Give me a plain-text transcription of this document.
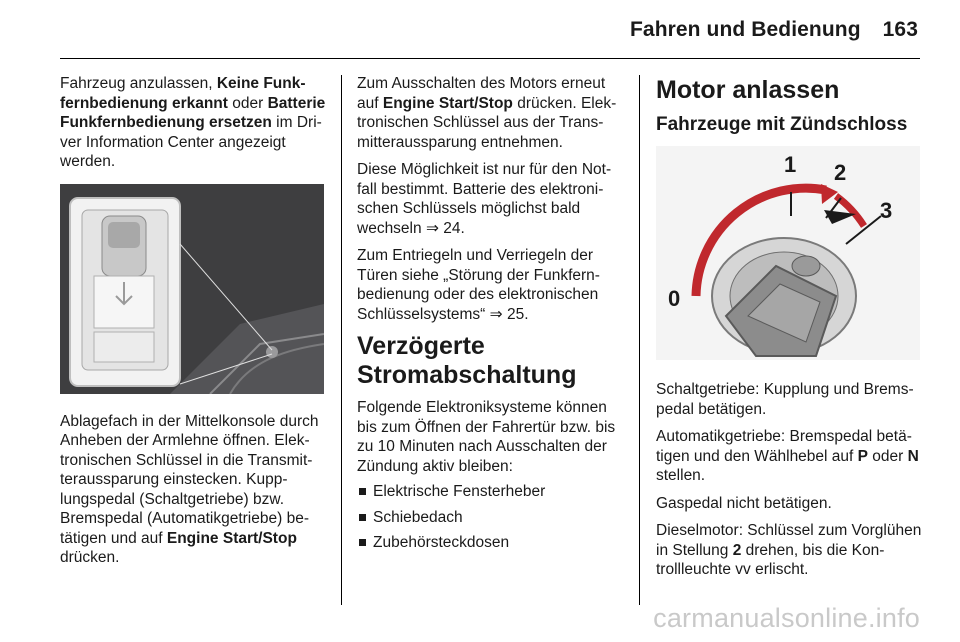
Fahren und Bedienung 163

Fahrzeug anzulassen, Keine Funkfernbedienung erkannt oder Batterie Funkfernbedienung ersetzen im Driver Information Center angezeigt werden.

Ablagefach in der Mittelkonsole durch Anheben der Armlehne öffnen. Elektronischen Schlüssel in die Transmitteraussparung einstecken. Kupplungspedal (Schaltgetriebe) bzw. Bremspedal (Automatikgetriebe) betätigen und auf Engine Start/Stop drücken.

Zum Ausschalten des Motors erneut auf Engine Start/Stop drücken. Elektronischen Schlüssel aus der Transmitteraussparung entnehmen.

Diese Möglichkeit ist nur für den Notfall bestimmt. Batterie des elektronischen Schlüssels möglichst bald wechseln ⇒ 24.

Zum Entriegeln und Verriegeln der Türen siehe „Störung der Funkfernbedienung oder des elektronischen Schlüsselsystems“ ⇒ 25.

Verzögerte Stromabschaltung

Folgende Elektroniksysteme können bis zum Öffnen der Fahrertür bzw. bis zu 10 Minuten nach Ausschalten der Zündung aktiv bleiben:

Elektrische Fensterheber
Schiebedach
Zubehörsteckdosen
Motor anlassen
Fahrzeuge mit Zündschloss
0
1 2
3

Schaltgetriebe: Kupplung und Bremspedal betätigen.

Automatikgetriebe: Bremspedal betätigen und den Wählhebel auf P oder N stellen.

Gaspedal nicht betätigen.

Dieselmotor: Schlüssel zum Vorglühen in Stellung 2 drehen, bis die Kontrollleuchte ᴠᴠ erlischt.

carmanualsonline.info
